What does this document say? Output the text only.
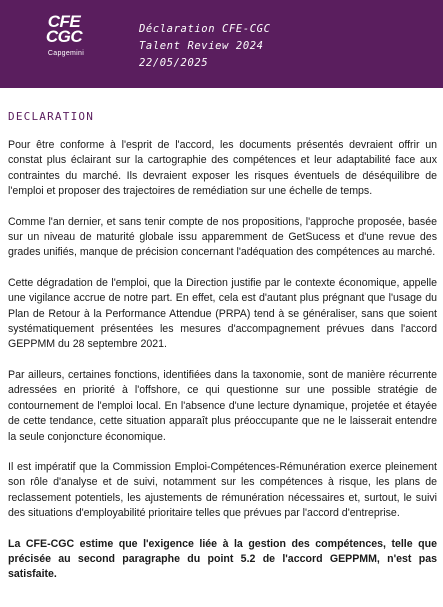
CFE CGC
Capgemini
Déclaration CFE-CGC
Talent Review 2024
22/05/2025
DECLARATION

Pour être conforme à l'esprit de l'accord, les documents présentés devraient offrir un constat plus éclairant sur la cartographie des compétences et leur adaptabilité face aux contraintes du marché. Ils devraient exposer les risques éventuels de déséquilibre de l'emploi et proposer des trajectoires de remédiation sur une échelle de temps.

Comme l'an dernier, et sans tenir compte de nos propositions, l'approche proposée, basée sur un niveau de maturité globale issu apparemment de GetSucess et d'une revue des grades unifiés, manque de précision concernant l'adéquation des compétences au marché.

Cette dégradation de l'emploi, que la Direction justifie par le contexte économique, appelle une vigilance accrue de notre part. En effet, cela est d'autant plus prégnant que l'usage du Plan de Retour à la Performance Attendue (PRPA) tend à se généraliser, sans que soient systématiquement présentées les mesures d'accompagnement prévues dans l'accord GEPPMM du 28 septembre 2021.

Par ailleurs, certaines fonctions, identifiées dans la taxonomie, sont de manière récurrente adressées en priorité à l'offshore, ce qui questionne sur une possible stratégie de contournement de l'emploi local. En l'absence d'une lecture dynamique, projetée et étayée de cette tendance, cette situation apparaît plus préoccupante que ne le laisserait entendre la seule conjoncture économique.

Il est impératif que la Commission Emploi-Compétences-Rémunération exerce pleinement son rôle d'analyse et de suivi, notamment sur les compétences à risque, les plans de reclassement potentiels, les ajustements de rémunération nécessaires et, surtout, le suivi des situations d'employabilité prioritaire telles que prévues par l'accord d'entreprise.

La CFE-CGC estime que l'exigence liée à la gestion des compétences, telle que précisée au second paragraphe du point 5.2 de l'accord GEPPMM, n'est pas satisfaite.
